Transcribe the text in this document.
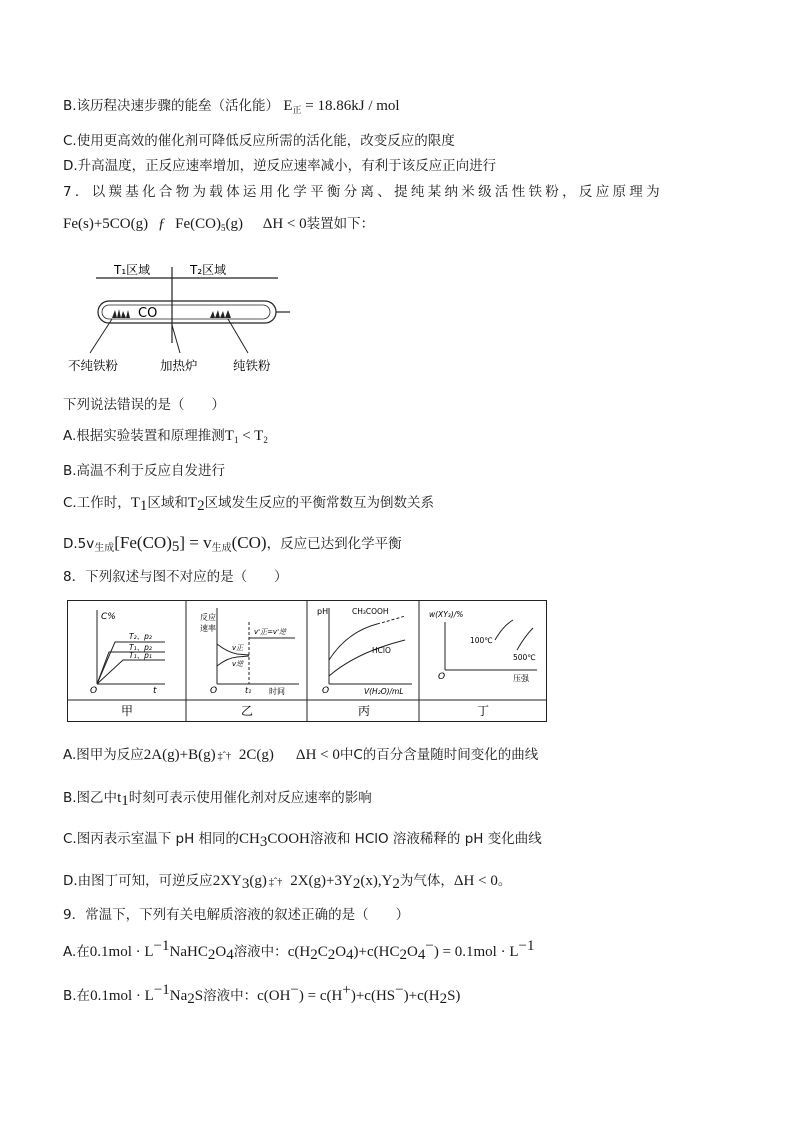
B.该历程决速步骤的能垒（活化能） $E_正 = 18.86kJ$ / mol
C.使用更高效的催化剂可降低反应所需的活化能，改变反应的限度
D.升高温度，正反应速率增加，逆反应速率减小，有利于该反应正向进行
7．以羰基化合物为载体运用化学平衡分离、提纯某纳米级活性铁粉，反应原理为
Fe(s)+5CO(g) ƒ $Fe(CO)_5(g) \Delta H < 0$装置如下：
T₁区域	T₂区域
CO
不纯铁粉	加热炉	纯铁粉
下列说法错误的是（　　）
A.根据实验装置和原理推测$T_1 < T_2$
B.高温不利于反应自发进行
C.工作时，$T_1$区域和$T_2$区域发生反应的平衡常数互为倒数关系
$D.5v_{生成}[Fe(CO)_5] = v_{生成}(CO)$，反应已达到化学平衡
8．下列叙述与图不对应的是（　　）
C%
T₂、p₂
T₁、p₂
T₁、p₁
O	t
甲
反应
速率
v正
v逆
v'正=v'逆
O	t₁ 时间
乙
pH	CH₃COOH
HClO
O	V(H₂O)/mL
丙
w(XY₃)/%
100℃
500℃
O	压强
丁
A.图甲为反应2A(g)+B(g) ‡ˆ† 2C(g) ΔH < 0中C的百分含量随时间变化的曲线
B.图乙中$t_1$时刻可表示使用催化剂对反应速率的影响
C.图丙表示室温下 pH 相同的$CH_3COOH$溶液和 HClO 溶液稀释的 pH 变化曲线
D.由图丁可知，可逆反应$2XY_3(g)$ ‡ˆ† $2X(g)+3Y_2(x),Y_2$为气体，ΔH < 0。
9．常温下，下列有关电解质溶液的叙述正确的是（　　）
A.在$0.1mol \cdot L^{-1}NaHC_2O_4$溶液中：$c(H_2C_2O_4)+c(HC_2O_4^-) = 0.1mol \cdot L^{-1}$
B.在$0.1mol \cdot L^{-1}Na_2S$溶液中：$c(OH^-) = c(H^+)+c(HS^-)+c(H_2S)$
